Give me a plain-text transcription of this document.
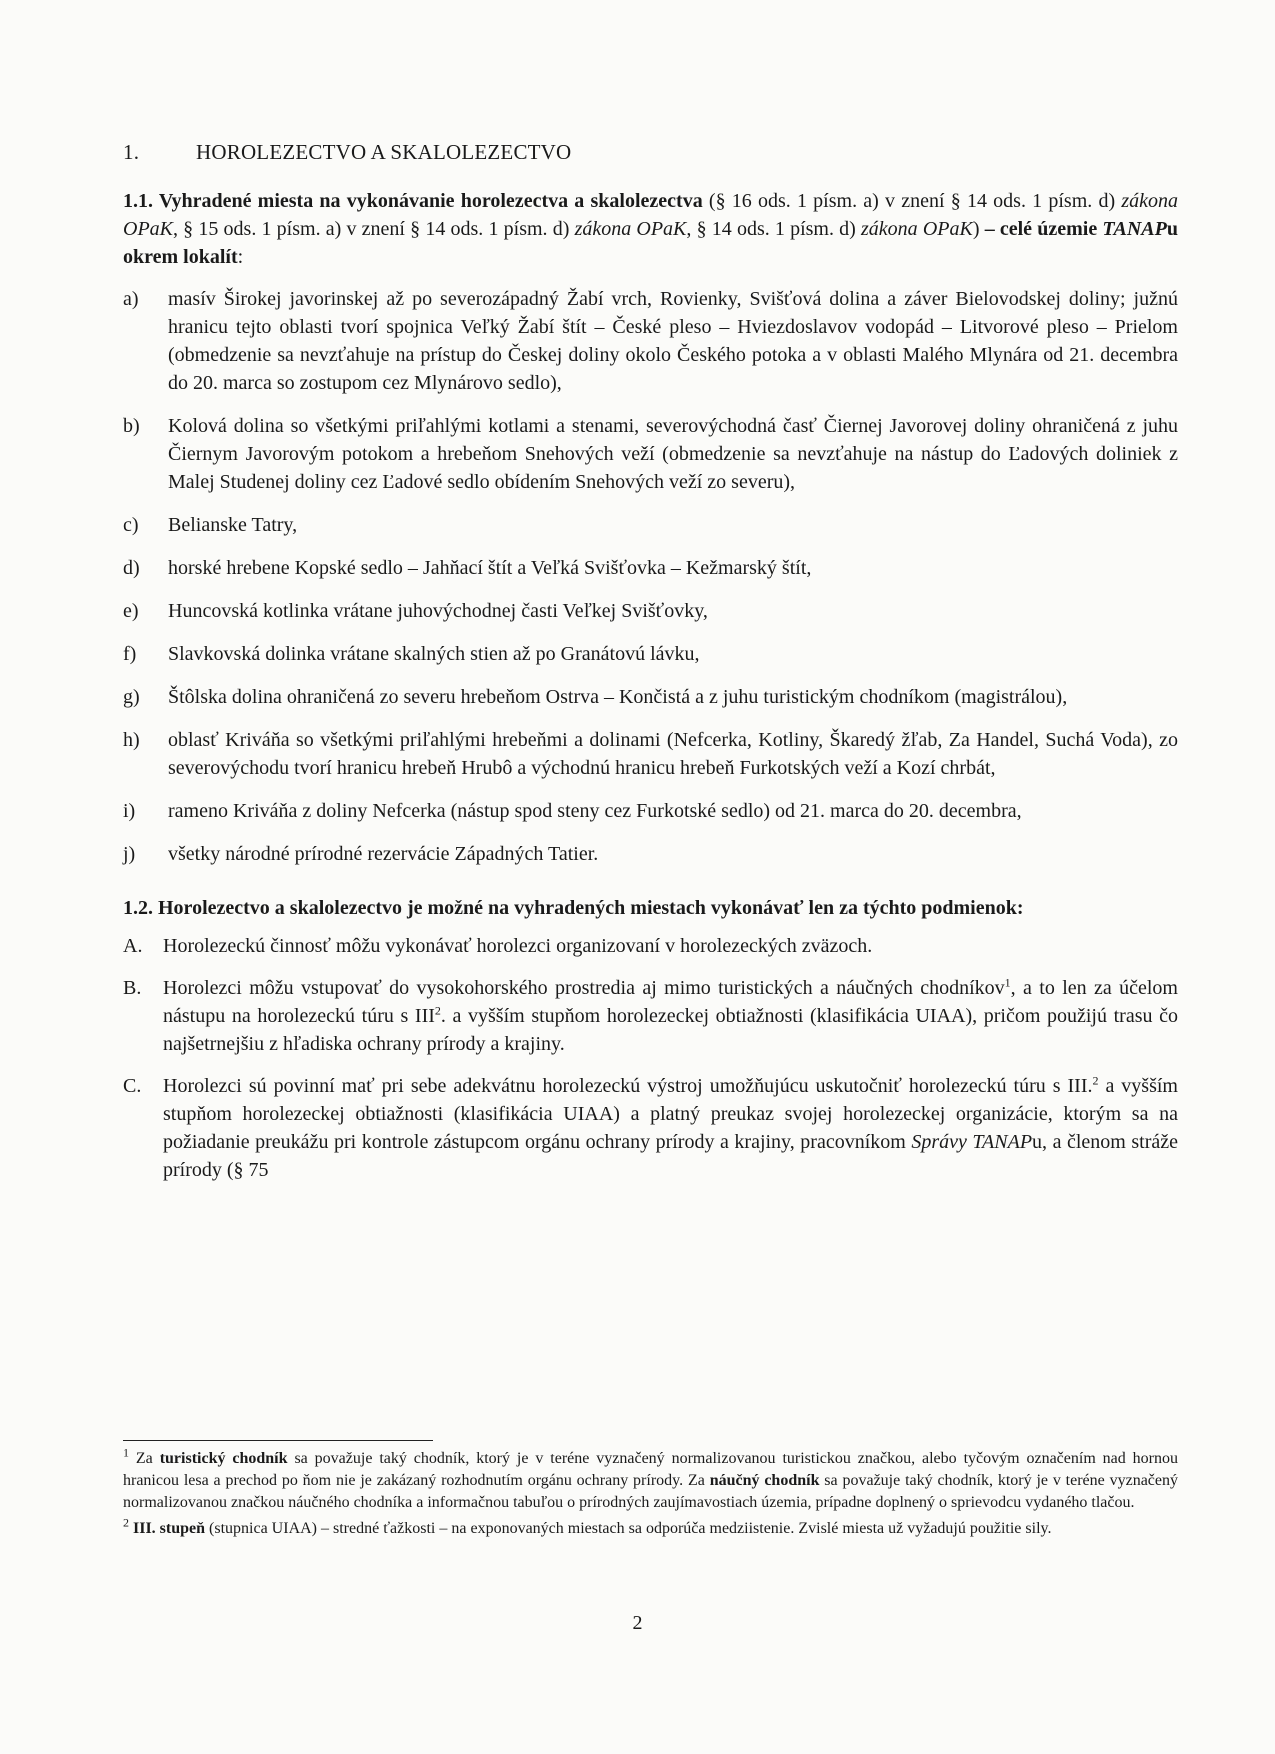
1.	HOROLEZECTVO A SKALOLEZECTVO

1.1. Vyhradené miesta na vykonávanie horolezectva a skalolezectva (§ 16 ods. 1 písm. a) v znení § 14 ods. 1 písm. d) zákona OPaK, § 15 ods. 1 písm. a) v znení § 14 ods. 1 písm. d) zákona OPaK, § 14 ods. 1 písm. d) zákona OPaK) – celé územie TANAPu okrem lokalít:

a)	masív Širokej javorinskej až po severozápadný Žabí vrch, Rovienky, Svišťová dolina a záver Bielovodskej doliny; južnú hranicu tejto oblasti tvorí spojnica Veľký Žabí štít – České pleso – Hviezdoslavov vodopád – Litvorové pleso – Prielom (obmedzenie sa nevzťahuje na prístup do Českej doliny okolo Českého potoka a v oblasti Malého Mlynára od 21. decembra do 20. marca so zostupom cez Mlynárovo sedlo),
b)	Kolová dolina so všetkými priľahlými kotlami a stenami, severovýchodná časť Čiernej Javorovej doliny ohraničená z juhu Čiernym Javorovým potokom a hrebeňom Snehových veží (obmedzenie sa nevzťahuje na nástup do Ľadových doliniek z Malej Studenej doliny cez Ľadové sedlo obídením Snehových veží zo severu),
c)	Belianske Tatry,
d)	horské hrebene Kopské sedlo – Jahňací štít a Veľká Svišťovka – Kežmarský štít,
e)	Huncovská kotlinka vrátane juhovýchodnej časti Veľkej Svišťovky,
f)	Slavkovská dolinka vrátane skalných stien až po Granátovú lávku,
g)	Štôlska dolina ohraničená zo severu hrebeňom Ostrva – Končistá a z juhu turistickým chodníkom (magistrálou),
h)	oblasť Kriváňa so všetkými priľahlými hrebeňmi a dolinami (Nefcerka, Kotliny, Škaredý žľab, Za Handel, Suchá Voda), zo severovýchodu tvorí hranicu hrebeň Hrubô a východnú hranicu hrebeň Furkotských veží a Kozí chrbát,
i)	rameno Kriváňa z doliny Nefcerka (nástup spod steny cez Furkotské sedlo) od 21. marca do 20. decembra,
j)	všetky národné prírodné rezervácie Západných Tatier.

1.2. Horolezectvo a skalolezectvo je možné na vyhradených miestach vykonávať len za týchto podmienok:

A.	Horolezeckú činnosť môžu vykonávať horolezci organizovaní v horolezeckých zväzoch.
B.	Horolezci môžu vstupovať do vysokohorského prostredia aj mimo turistických a náučných chodníkov$^1$, a to len za účelom nástupu na horolezeckú túru s III$^2$. a vyšším stupňom horolezeckej obtiažnosti (klasifikácia UIAA), pričom použijú trasu čo najšetrnejšiu z hľadiska ochrany prírody a krajiny.
C.	Horolezci sú povinní mať pri sebe adekvátnu horolezeckú výstroj umožňujúcu uskutočniť horolezeckú túru s III.$^2$ a vyšším stupňom horolezeckej obtiažnosti (klasifikácia UIAA) a platný preukaz svojej horolezeckej organizácie, ktorým sa na požiadanie preukážu pri kontrole zástupcom orgánu ochrany prírody a krajiny, pracovníkom Správy TANAPu, a členom stráže prírody (§ 75

$^1$ Za turistický chodník sa považuje taký chodník, ktorý je v teréne vyznačený normalizovanou turistickou značkou, alebo tyčovým označením nad hornou hranicou lesa a prechod po ňom nie je zakázaný rozhodnutím orgánu ochrany prírody. Za náučný chodník sa považuje taký chodník, ktorý je v teréne vyznačený normalizovanou značkou náučného chodníka a informačnou tabuľou o prírodných zaujímavostiach územia, prípadne doplnený o sprievodcu vydaného tlačou.

$^2$ III. stupeň (stupnica UIAA) – stredné ťažkosti – na exponovaných miestach sa odporúča medziistenie. Zvislé miesta už vyžadujú použitie sily.

2
